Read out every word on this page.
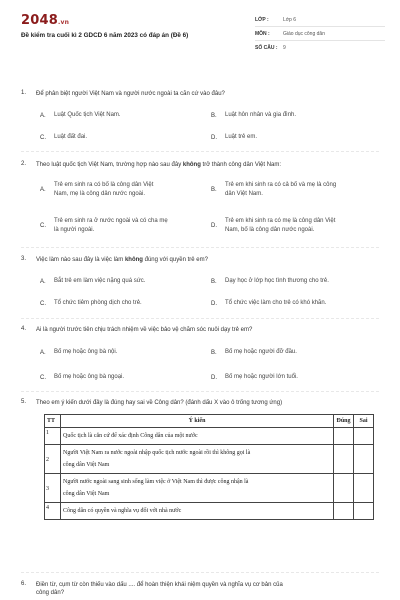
2048.vn
Đề kiểm tra cuối kì 2 GDCD 6 năm 2023 có đáp án (Đề 6)
LỚP :	Lớp 6
MÔN :	Giáo dục công dân
SỐ CÂU : 9
1.	Để phân biệt người Việt Nam và người nước ngoài ta căn cứ vào đâu?
A.	Luật Quốc tịch Việt Nam.	B.	Luật hôn nhân và gia đình.
C.	Luật đất đai.	D.	Luật trẻ em.
2.	Theo luật quốc tịch Việt Nam, trường hợp nào sau đây không trở thành công dân Việt Nam:
A.
Trẻ em sinh ra có bố là công dân Việt
Nam, mẹ là công dân nước ngoài.
B.
Trẻ em khi sinh ra có cả bố và mẹ là công
dân Việt Nam.
C.
Trẻ em sinh ra ở nước ngoài và có cha mẹ
là người ngoài.
D.
Trẻ em khi sinh ra có mẹ là công dân Việt
Nam, bố là công dân nước ngoài.
3.	Việc làm nào sau đây là việc làm không đúng với quyền trẻ em?
A.	Bắt trẻ em làm việc nặng quá sức.	B.	Dạy học ở lớp học tình thương cho trẻ.
C.	Tổ chức tiêm phòng dịch cho trẻ.	D.	Tổ chức việc làm cho trẻ có khó khăn.
4.	Ai là người trước tiên chịu trách nhiệm về việc bảo vệ chăm sóc nuôi dạy trẻ em?
A.	Bố mẹ hoặc ông bà nội.	B.	Bố mẹ hoặc người đỡ đầu.
C.	Bố mẹ hoặc ông bà ngoại.	D.	Bố mẹ hoặc người lớn tuổi.
5.	Theo em ý kiến dưới đây là đúng hay sai về Công dân? (đánh dấu X vào ô trống tương ứng)
TT	Ý kiến	Đúng	Sai
1	Quốc tịch là căn cứ để xác định Công dân của một nước		
2	Người Việt Nam ra nước ngoài nhập quốc tịch nước ngoài rồi thì không gọi là
công dân Việt Nam		
3	Người nước ngoài sang sinh sống làm việc ở Việt Nam thì được công nhận là
công dân Việt Nam		
4	Công dân có quyền và nghĩa vụ đối với nhà nước		
6.	Điền từ, cụm từ còn thiếu vào dấu .... để hoàn thiện khái niệm quyền và nghĩa vụ cơ bản của
công dân?
